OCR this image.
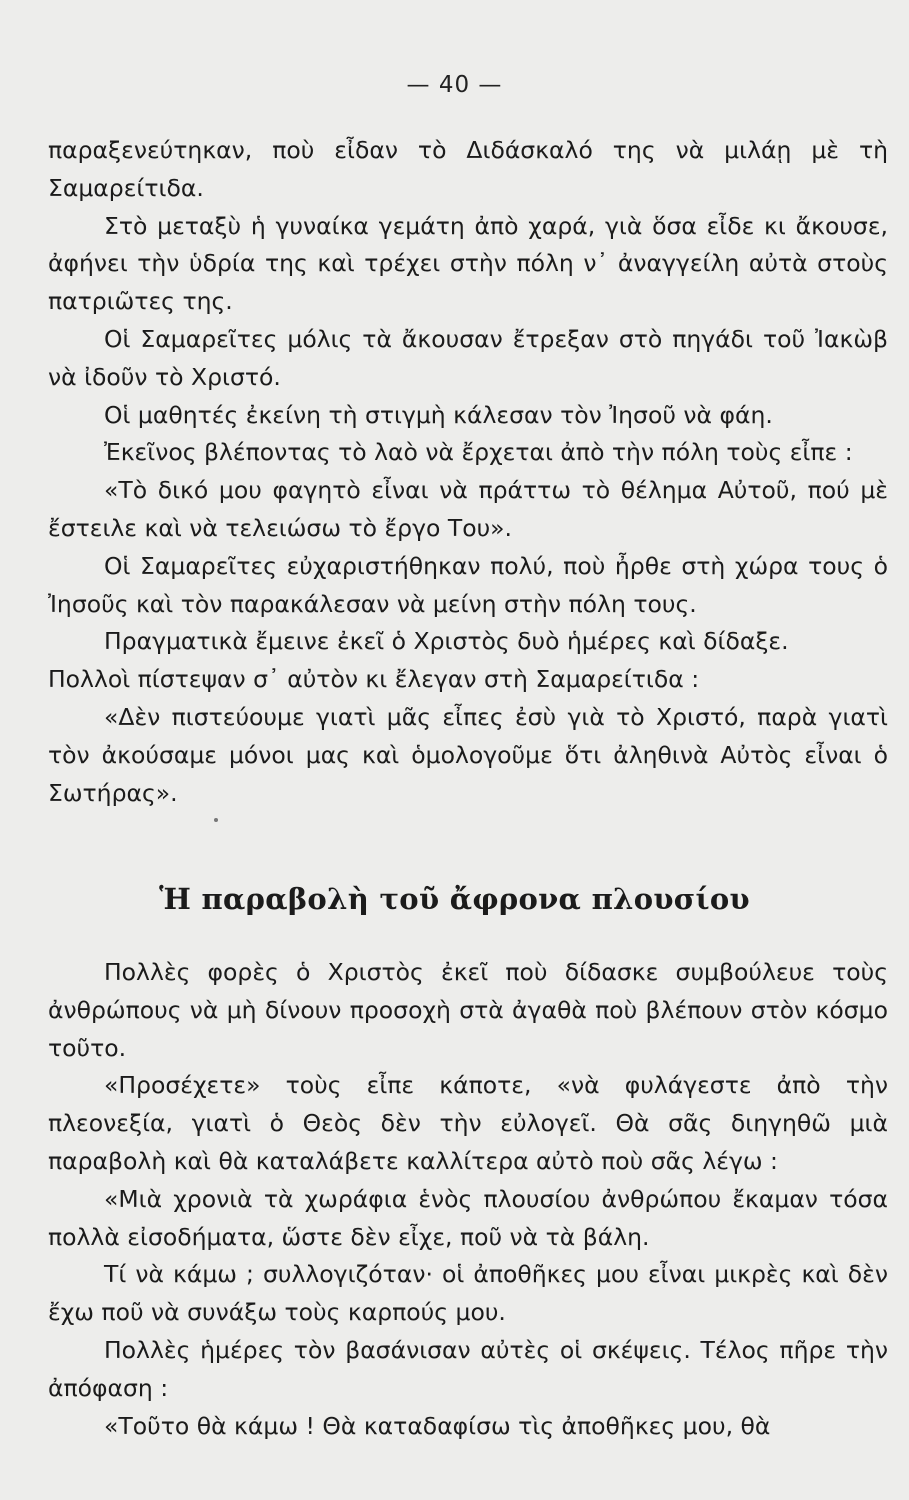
— 40 —

παραξενεύτηκαν, ποὺ εἶδαν τὸ Διδάσκαλό της νὰ μιλάῃ μὲ τὴ Σαμαρείτιδα.

Στὸ μεταξὺ ἡ γυναίκα γεμάτη ἀπὸ χαρά, γιὰ ὅσα εἶδε κι ἄκουσε, ἀφήνει τὴν ὑδρία της καὶ τρέχει στὴν πόλη ν᾽ ἀναγγείλη αὐτὰ στοὺς πατριῶτες της.

Οἱ Σαμαρεῖτες μόλις τὰ ἄκουσαν ἔτρεξαν στὸ πηγάδι τοῦ Ἰακὼβ νὰ ἰδοῦν τὸ Χριστό.

Οἱ μαθητές ἐκείνη τὴ στιγμὴ κάλεσαν τὸν Ἰησοῦ νὰ φάη.

Ἐκεῖνος βλέποντας τὸ λαὸ νὰ ἔρχεται ἀπὸ τὴν πόλη τοὺς εἶπε :

«Τὸ δικό μου φαγητὸ εἶναι νὰ πράττω τὸ θέλημα Αὐτοῦ, πού μὲ ἔστειλε καὶ νὰ τελειώσω τὸ ἔργο Του».

Οἱ Σαμαρεῖτες εὐχαριστήθηκαν πολύ, ποὺ ἦρθε στὴ χώρα τους ὁ Ἰησοῦς καὶ τὸν παρακάλεσαν νὰ μείνη στὴν πόλη τους.

Πραγματικὰ ἔμεινε ἐκεῖ ὁ Χριστὸς δυὸ ἡμέρες καὶ δίδαξε.

Πολλοὶ πίστεψαν σ᾽ αὐτὸν κι ἔλεγαν στὴ Σαμαρείτιδα :

«Δὲν πιστεύουμε γιατὶ μᾶς εἶπες ἐσὺ γιὰ τὸ Χριστό, παρὰ γιατὶ τὸν ἀκούσαμε μόνοι μας καὶ ὁμολογοῦμε ὅτι ἀληθινὰ Αὐτὸς εἶναι ὁ Σωτήρας».

Ἡ παραβολὴ τοῦ ἄφρονα πλουσίου

Πολλὲς φορὲς ὁ Χριστὸς ἐκεῖ ποὺ δίδασκε συμβούλευε τοὺς ἀνθρώπους νὰ μὴ δίνουν προσοχὴ στὰ ἀγαθὰ ποὺ βλέπουν στὸν κόσμο τοῦτο.

«Προσέχετε» τοὺς εἶπε κάποτε, «νὰ φυλάγεστε ἀπὸ τὴν πλεονεξία, γιατὶ ὁ Θεὸς δὲν τὴν εὐλογεῖ. Θὰ σᾶς διηγηθῶ μιὰ παραβολὴ καὶ θὰ καταλάβετε καλλίτερα αὐτὸ ποὺ σᾶς λέγω :

«Μιὰ χρονιὰ τὰ χωράφια ἑνὸς πλουσίου ἀνθρώπου ἔκαμαν τόσα πολλὰ εἰσοδήματα, ὥστε δὲν εἶχε, ποῦ νὰ τὰ βάλη.

Τί νὰ κάμω ; συλλογιζόταν· οἱ ἀποθῆκες μου εἶναι μικρὲς καὶ δὲν ἔχω ποῦ νὰ συνάξω τοὺς καρπούς μου.

Πολλὲς ἡμέρες τὸν βασάνισαν αὐτὲς οἱ σκέψεις. Τέλος πῆρε τὴν ἀπόφαση :

«Τοῦτο θὰ κάμω ! Θὰ καταδαφίσω τὶς ἀποθῆκες μου, θὰ
